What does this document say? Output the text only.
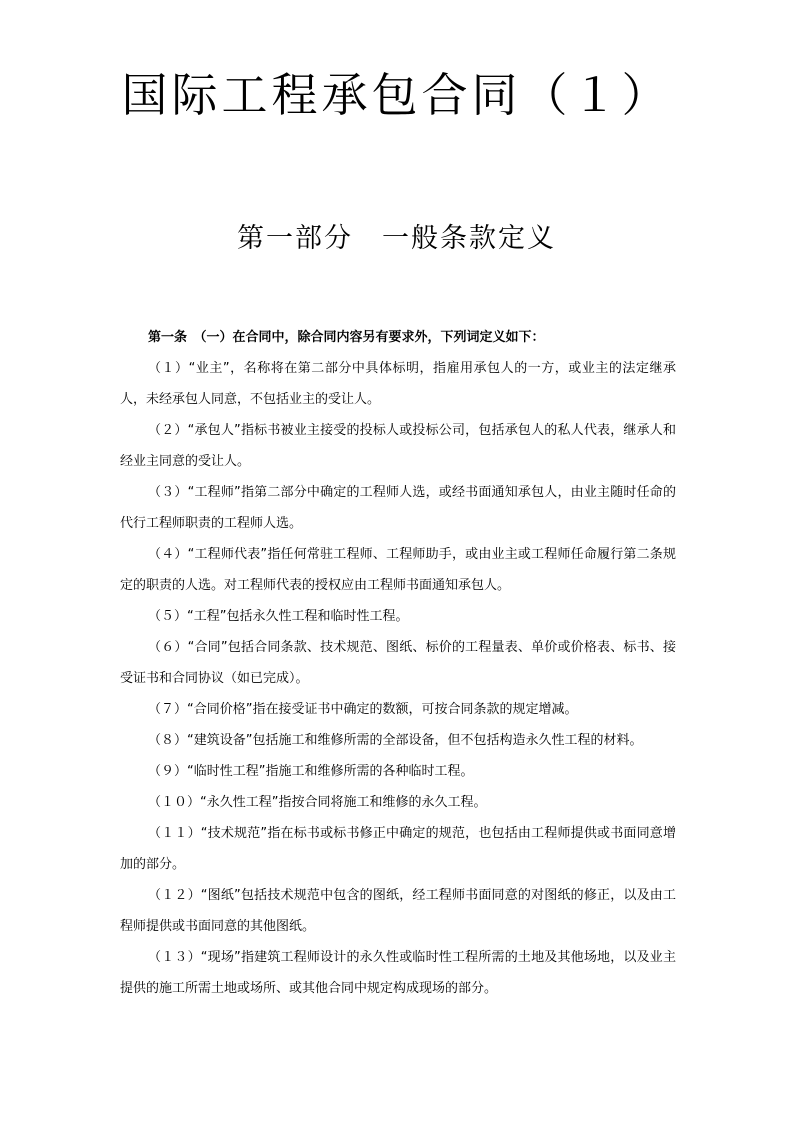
国际工程承包合同（１）
第一部分　一般条款定义
第一条　（一）在合同中，除合同内容另有要求外，下列词定义如下：

（１）“业主”，名称将在第二部分中具体标明，指雇用承包人的一方，或业主的法定继承人，未经承包人同意，不包括业主的受让人。

（２）“承包人”指标书被业主接受的投标人或投标公司，包括承包人的私人代表，继承人和经业主同意的受让人。

（３）“工程师”指第二部分中确定的工程师人选，或经书面通知承包人，由业主随时任命的代行工程师职责的工程师人选。

（４）“工程师代表”指任何常驻工程师、工程师助手，或由业主或工程师任命履行第二条规定的职责的人选。对工程师代表的授权应由工程师书面通知承包人。

（５）“工程”包括永久性工程和临时性工程。

（６）“合同”包括合同条款、技术规范、图纸、标价的工程量表、单价或价格表、标书、接受证书和合同协议（如已完成）。

（７）“合同价格”指在接受证书中确定的数额，可按合同条款的规定增减。

（８）“建筑设备”包括施工和维修所需的全部设备，但不包括构造永久性工程的材料。

（９）“临时性工程”指施工和维修所需的各种临时工程。

（１０）“永久性工程”指按合同将施工和维修的永久工程。

（１１）“技术规范”指在标书或标书修正中确定的规范，也包括由工程师提供或书面同意增加的部分。

（１２）“图纸”包括技术规范中包含的图纸，经工程师书面同意的对图纸的修正，以及由工程师提供或书面同意的其他图纸。

（１３）“现场”指建筑工程师设计的永久性或临时性工程所需的土地及其他场地，以及业主提供的施工所需土地或场所、或其他合同中规定构成现场的部分。
